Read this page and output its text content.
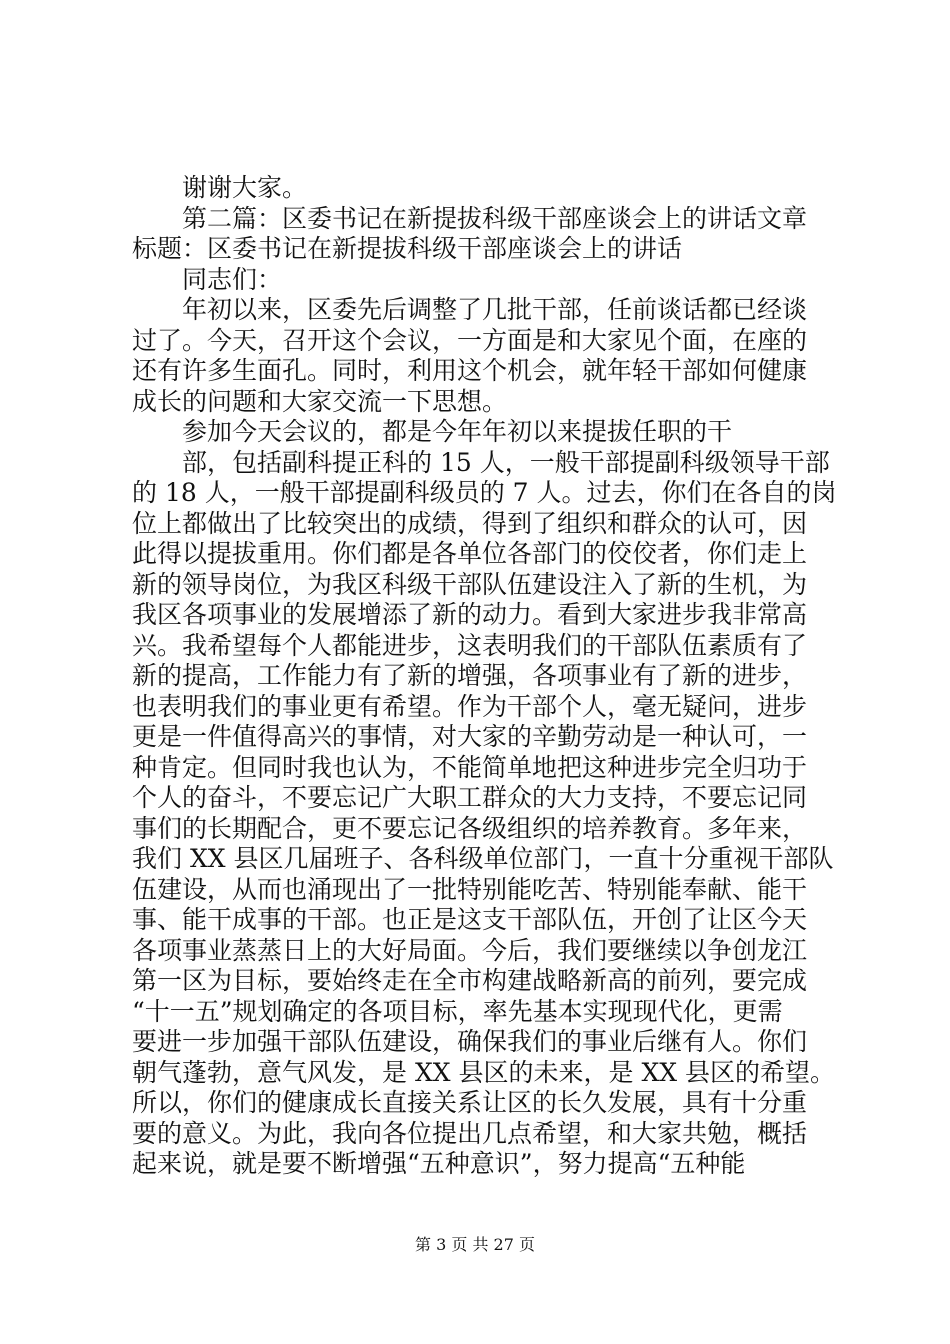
谢谢大家。
第二篇：区委书记在新提拔科级干部座谈会上的讲话文章
标题：区委书记在新提拔科级干部座谈会上的讲话
同志们：
年初以来，区委先后调整了几批干部，任前谈话都已经谈
过了。今天，召开这个会议，一方面是和大家见个面，在座的
还有许多生面孔。同时，利用这个机会，就年轻干部如何健康
成长的问题和大家交流一下思想。
参加今天会议的，都是今年年初以来提拔任职的干
部，包括副科提正科的 15 人，一般干部提副科级领导干部
的 18 人，一般干部提副科级员的 7 人。过去，你们在各自的岗
位上都做出了比较突出的成绩，得到了组织和群众的认可，因
此得以提拔重用。你们都是各单位各部门的佼佼者，你们走上
新的领导岗位，为我区科级干部队伍建设注入了新的生机，为
我区各项事业的发展增添了新的动力。看到大家进步我非常高
兴。我希望每个人都能进步，这表明我们的干部队伍素质有了
新的提高，工作能力有了新的增强，各项事业有了新的进步，
也表明我们的事业更有希望。作为干部个人，毫无疑问，进步
更是一件值得高兴的事情，对大家的辛勤劳动是一种认可，一
种肯定。但同时我也认为，不能简单地把这种进步完全归功于
个人的奋斗，不要忘记广大职工群众的大力支持，不要忘记同
事们的长期配合，更不要忘记各级组织的培养教育。多年来，
我们 XX 县区几届班子、各科级单位部门，一直十分重视干部队
伍建设，从而也涌现出了一批特别能吃苦、特别能奉献、能干
事、能干成事的干部。也正是这支干部队伍，开创了让区今天
各项事业蒸蒸日上的大好局面。今后，我们要继续以争创龙江
第一区为目标，要始终走在全市构建战略新高的前列，要完成
“十一五”规划确定的各项目标，率先基本实现现代化，更需
要进一步加强干部队伍建设，确保我们的事业后继有人。你们
朝气蓬勃，意气风发，是 XX 县区的未来，是 XX 县区的希望。
所以，你们的健康成长直接关系让区的长久发展，具有十分重
要的意义。为此，我向各位提出几点希望，和大家共勉，概括
起来说，就是要不断增强“五种意识”，努力提高“五种能
第 3 页 共 27 页
